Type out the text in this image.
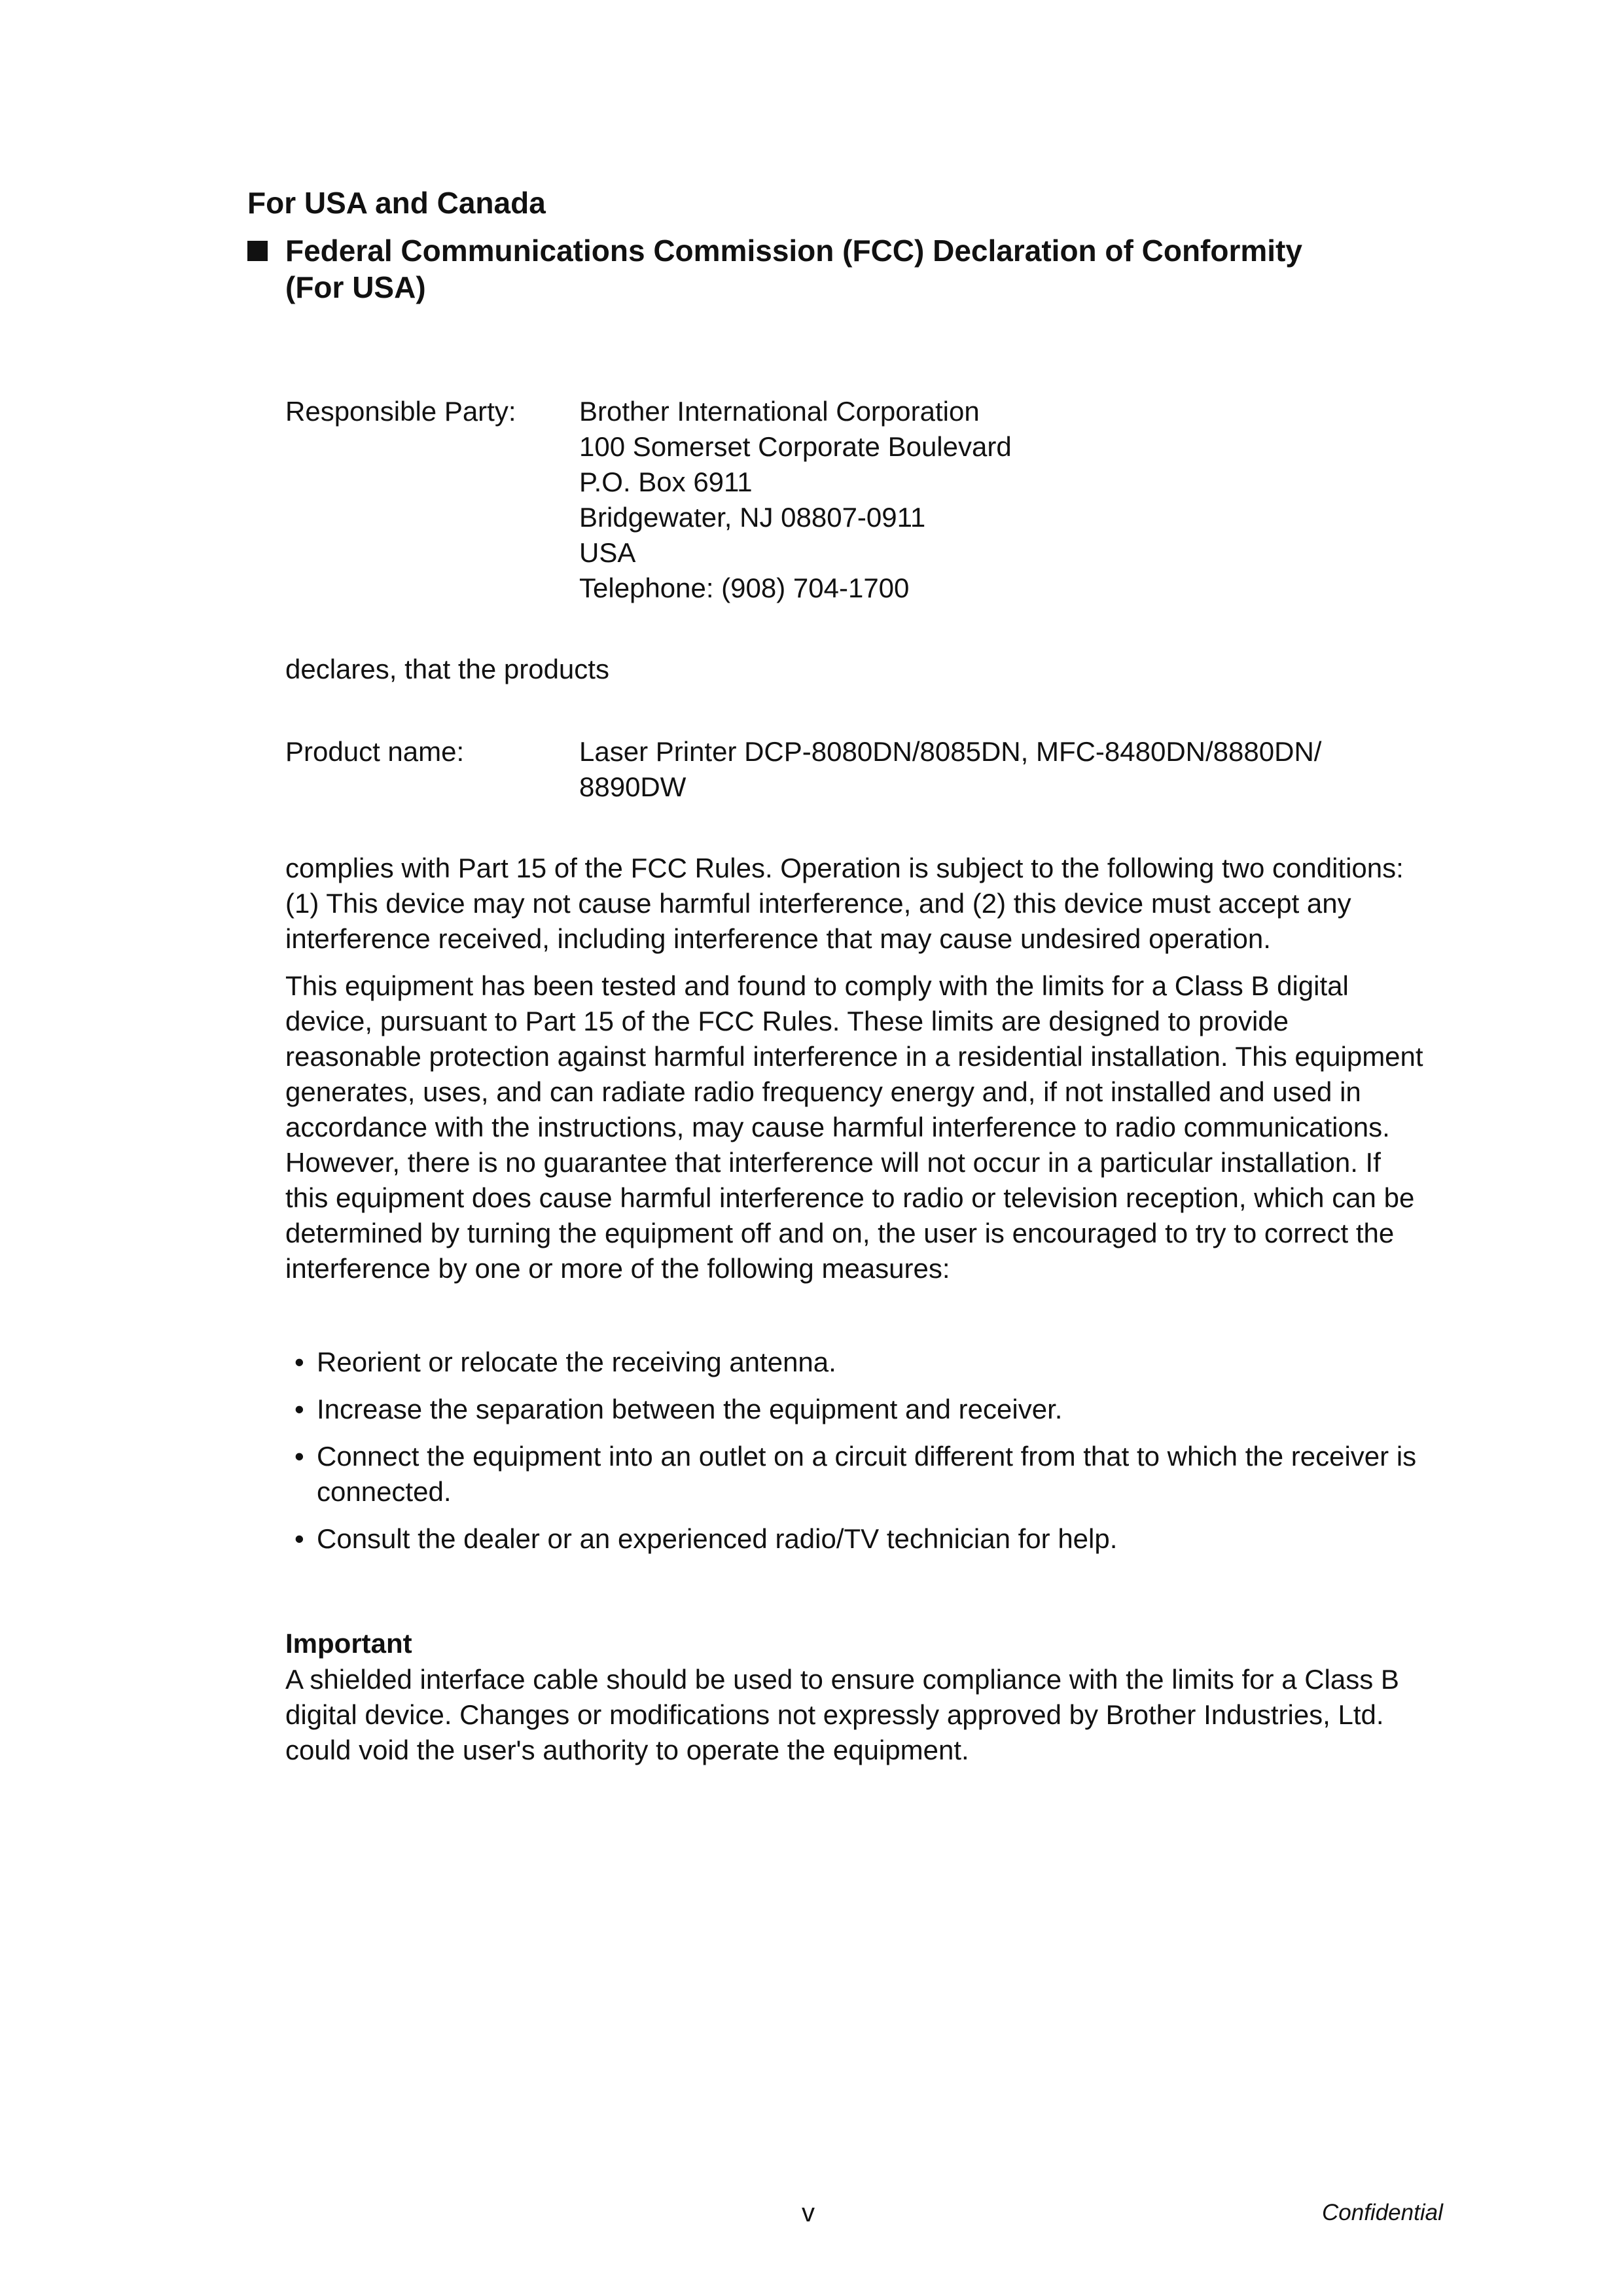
For USA and Canada
Federal Communications Commission (FCC) Declaration of Conformity
(For USA)
Responsible Party: Brother International Corporation
100 Somerset Corporate Boulevard
P.O. Box 6911
Bridgewater, NJ 08807-0911
USA
Telephone: (908) 704-1700
declares, that the products
Product name:	Laser Printer DCP-8080DN/8085DN, MFC-8480DN/8880DN/
8890DW

complies with Part 15 of the FCC Rules. Operation is subject to the following two conditions: (1) This device may not cause harmful interference, and (2) this device must accept any interference received, including interference that may cause undesired operation.

This equipment has been tested and found to comply with the limits for a Class B digital device, pursuant to Part 15 of the FCC Rules. These limits are designed to provide reasonable protection against harmful interference in a residential installation. This equipment generates, uses, and can radiate radio frequency energy and, if not installed and used in accordance with the instructions, may cause harmful interference to radio communications. However, there is no guarantee that interference will not occur in a particular installation. If this equipment does cause harmful interference to radio or television reception, which can be determined by turning the equipment off and on, the user is encouraged to try to correct the interference by one or more of the following measures:

• Reorient or relocate the receiving antenna.
• Increase the separation between the equipment and receiver.
• Connect the equipment into an outlet on a circuit different from that to which the receiver is connected.
• Consult the dealer or an experienced radio/TV technician for help.
Important

A shielded interface cable should be used to ensure compliance with the limits for a Class B digital device. Changes or modifications not expressly approved by Brother Industries, Ltd. could void the user's authority to operate the equipment.

v	Confidential
